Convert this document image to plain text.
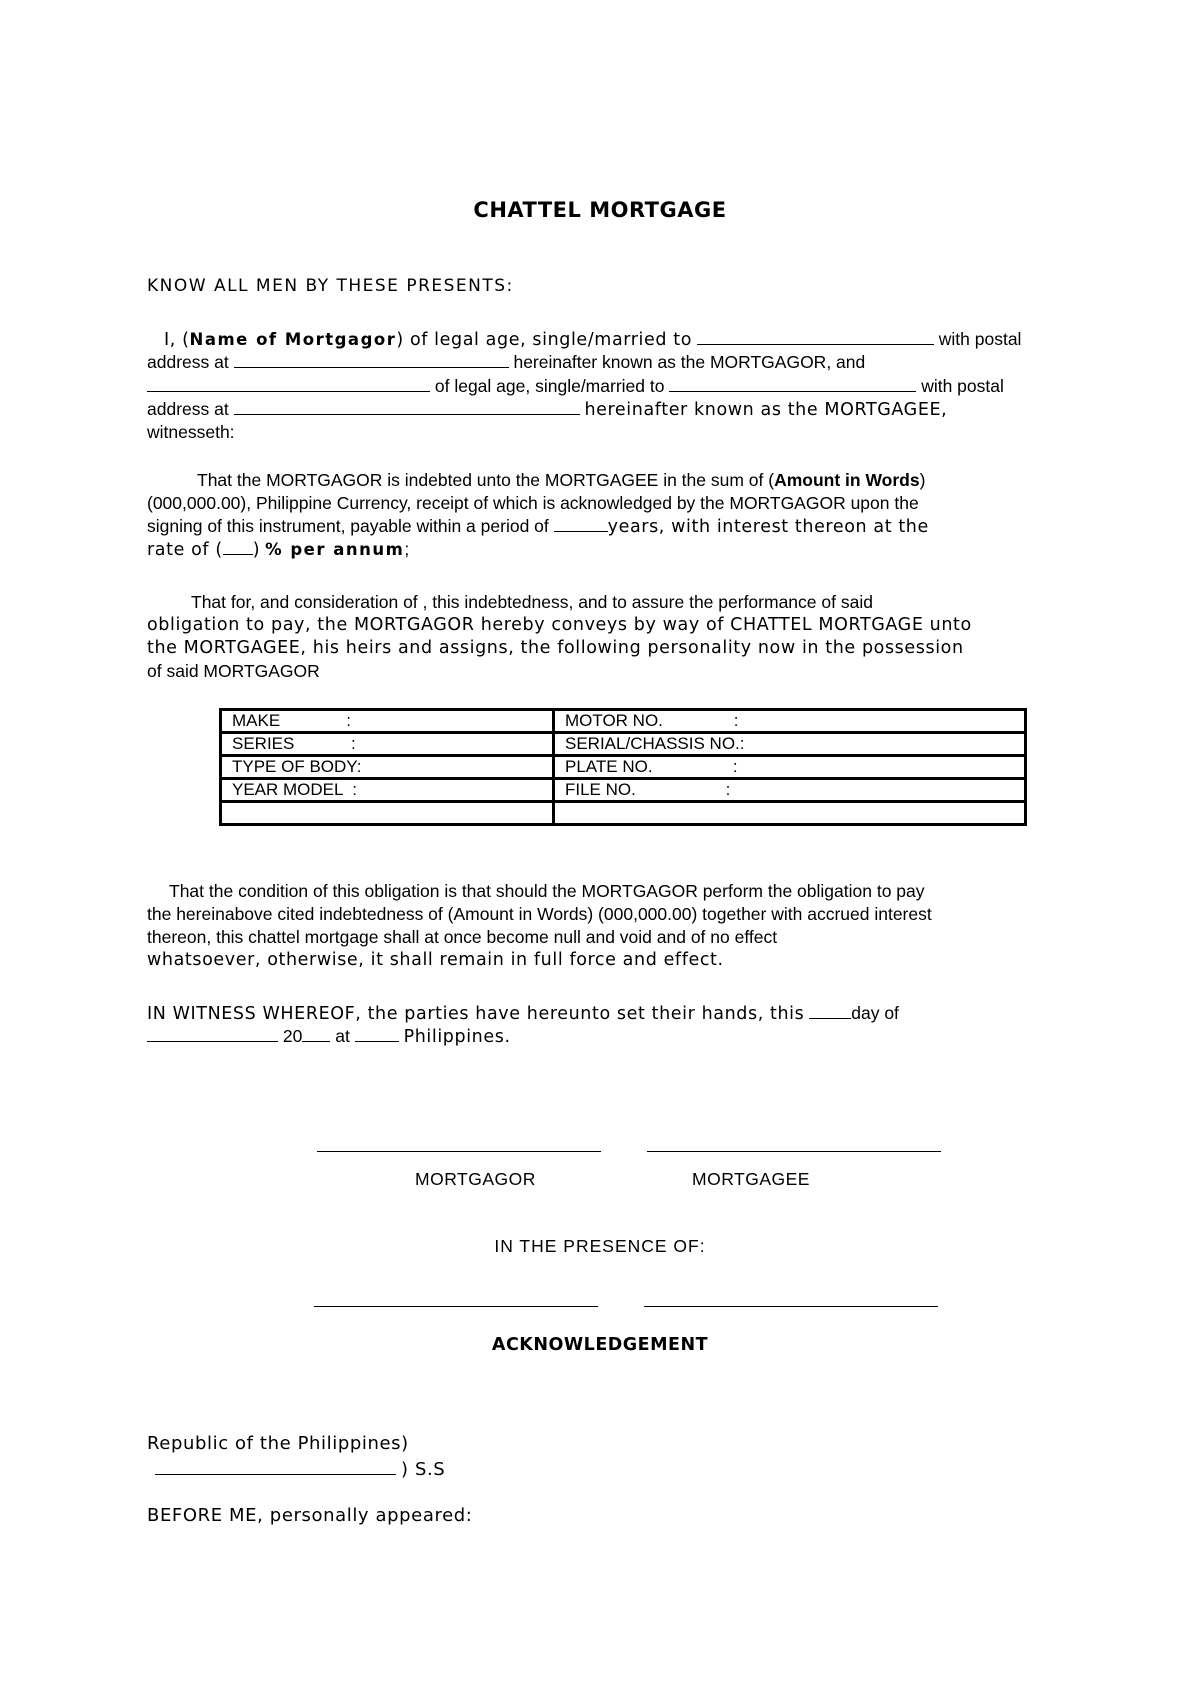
CHATTEL MORTGAGE
KNOW ALL MEN BY THESE PRESENTS:
I, (Name of Mortgagor) of legal age, single/married to	with postal
address at	hereinafter known as the MORTGAGOR, and
of legal age, single/married to	with postal
address at	hereinafter known as the MORTGAGEE,
witnesseth:
That the MORTGAGOR is indebted unto the MORTGAGEE in the sum of (Amount in Words)
(000,000.00), Philippine Currency, receipt of which is acknowledged by the MORTGAGOR upon the
signing of this instrument, payable within a period of	years, with interest thereon at the
rate of ( ) % per annum;
That for, and consideration of , this indebtedness, and to assure the performance of said
obligation to pay, the MORTGAGOR hereby conveys by way of CHATTEL MORTGAGE unto
the MORTGAGEE, his heirs and assigns, the following personality now in the possession
of said MORTGAGOR
MAKE              :	MOTOR NO.               :
SERIES            :	SERIAL/CHASSIS NO.:
TYPE OF BODY:	PLATE NO.                 :
YEAR MODEL  :	FILE NO.                   :

That the condition of this obligation is that should the MORTGAGOR perform the obligation to pay
the hereinabove cited indebtedness of (Amount in Words) (000,000.00) together with accrued interest
thereon, this chattel mortgage shall at once become null and void and of no effect
whatsoever, otherwise, it shall remain in full force and effect.
IN WITNESS WHEREOF, the parties have hereunto set their hands, this	day of
20 at	Philippines.
MORTGAGOR	MORTGAGEE
IN THE PRESENCE OF:
ACKNOWLEDGEMENT
Republic of the Philippines)
) S.S
BEFORE ME, personally appeared:
